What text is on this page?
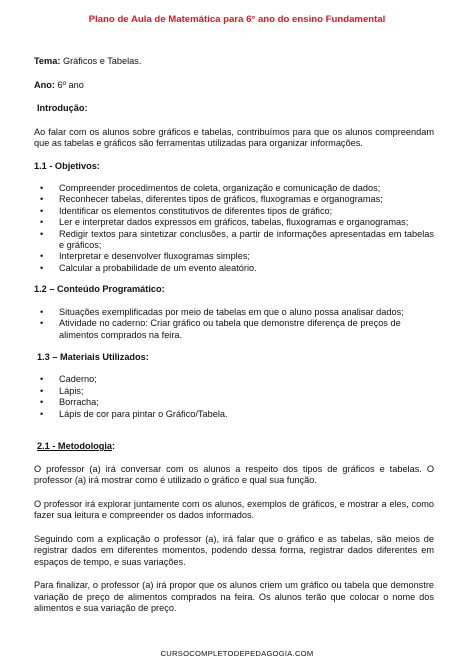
Plano de Aula de Matemática para 6° ano do ensino Fundamental

Tema: Gráficos e Tabelas.

Ano: 6º ano

Introdução:

Ao falar com os alunos sobre gráficos e tabelas, contribuímos para que os alunos compreendam que as tabelas e gráficos são ferramentas utilizadas para organizar informações.

1.1 - Objetivos:

• Compreender procedimentos de coleta, organização e comunicação de dados;
• Reconhecer tabelas, diferentes tipos de gráficos, fluxogramas e organogramas;
• Identificar os elementos constitutivos de diferentes tipos de gráfico;
• Ler e interpretar dados expressos em gráficos, tabelas, fluxogramas e organogramas;
• Redigir textos para sintetizar conclusões, a partir de informações apresentadas em tabelas e gráficos;
• Interpretar e desenvolver fluxogramas simples;
• Calcular a probabilidade de um evento aleatório.

1.2 – Conteúdo Programático:

• Situações exemplificadas por meio de tabelas em que o aluno possa analisar dados;
• Atividade no caderno: Criar gráfico ou tabela que demonstre diferença de preços de alimentos comprados na feira.

1.3 – Materiais Utilizados:

• Caderno;
• Lápis;
• Borracha;
• Lápis de cor para pintar o Gráfico/Tabela.

2.1 - Metodologia:

O professor (a) irá conversar com os alunos a respeito dos tipos de gráficos e tabelas. O professor (a) irá mostrar como é utilizado o gráfico e qual sua função.

O professor irá explorar juntamente com os alunos, exemplos de gráficos, e mostrar a eles, como fazer sua leitura e compreender os dados informados.

Seguindo com a explicação o professor (a), irá falar que o gráfico e as tabelas, são meios de registrar dados em diferentes momentos, podendo dessa forma, registrar dados diferentes em espaços de tempo, e suas variações.

Para finalizar, o professor (a) irá propor que os alunos criem um gráfico ou tabela que demonstre variação de preço de alimentos comprados na feira. Os alunos terão que colocar o nome dos alimentos e sua variação de preço.

CURSOCOMPLETODEPEDAGOGIA.COM
